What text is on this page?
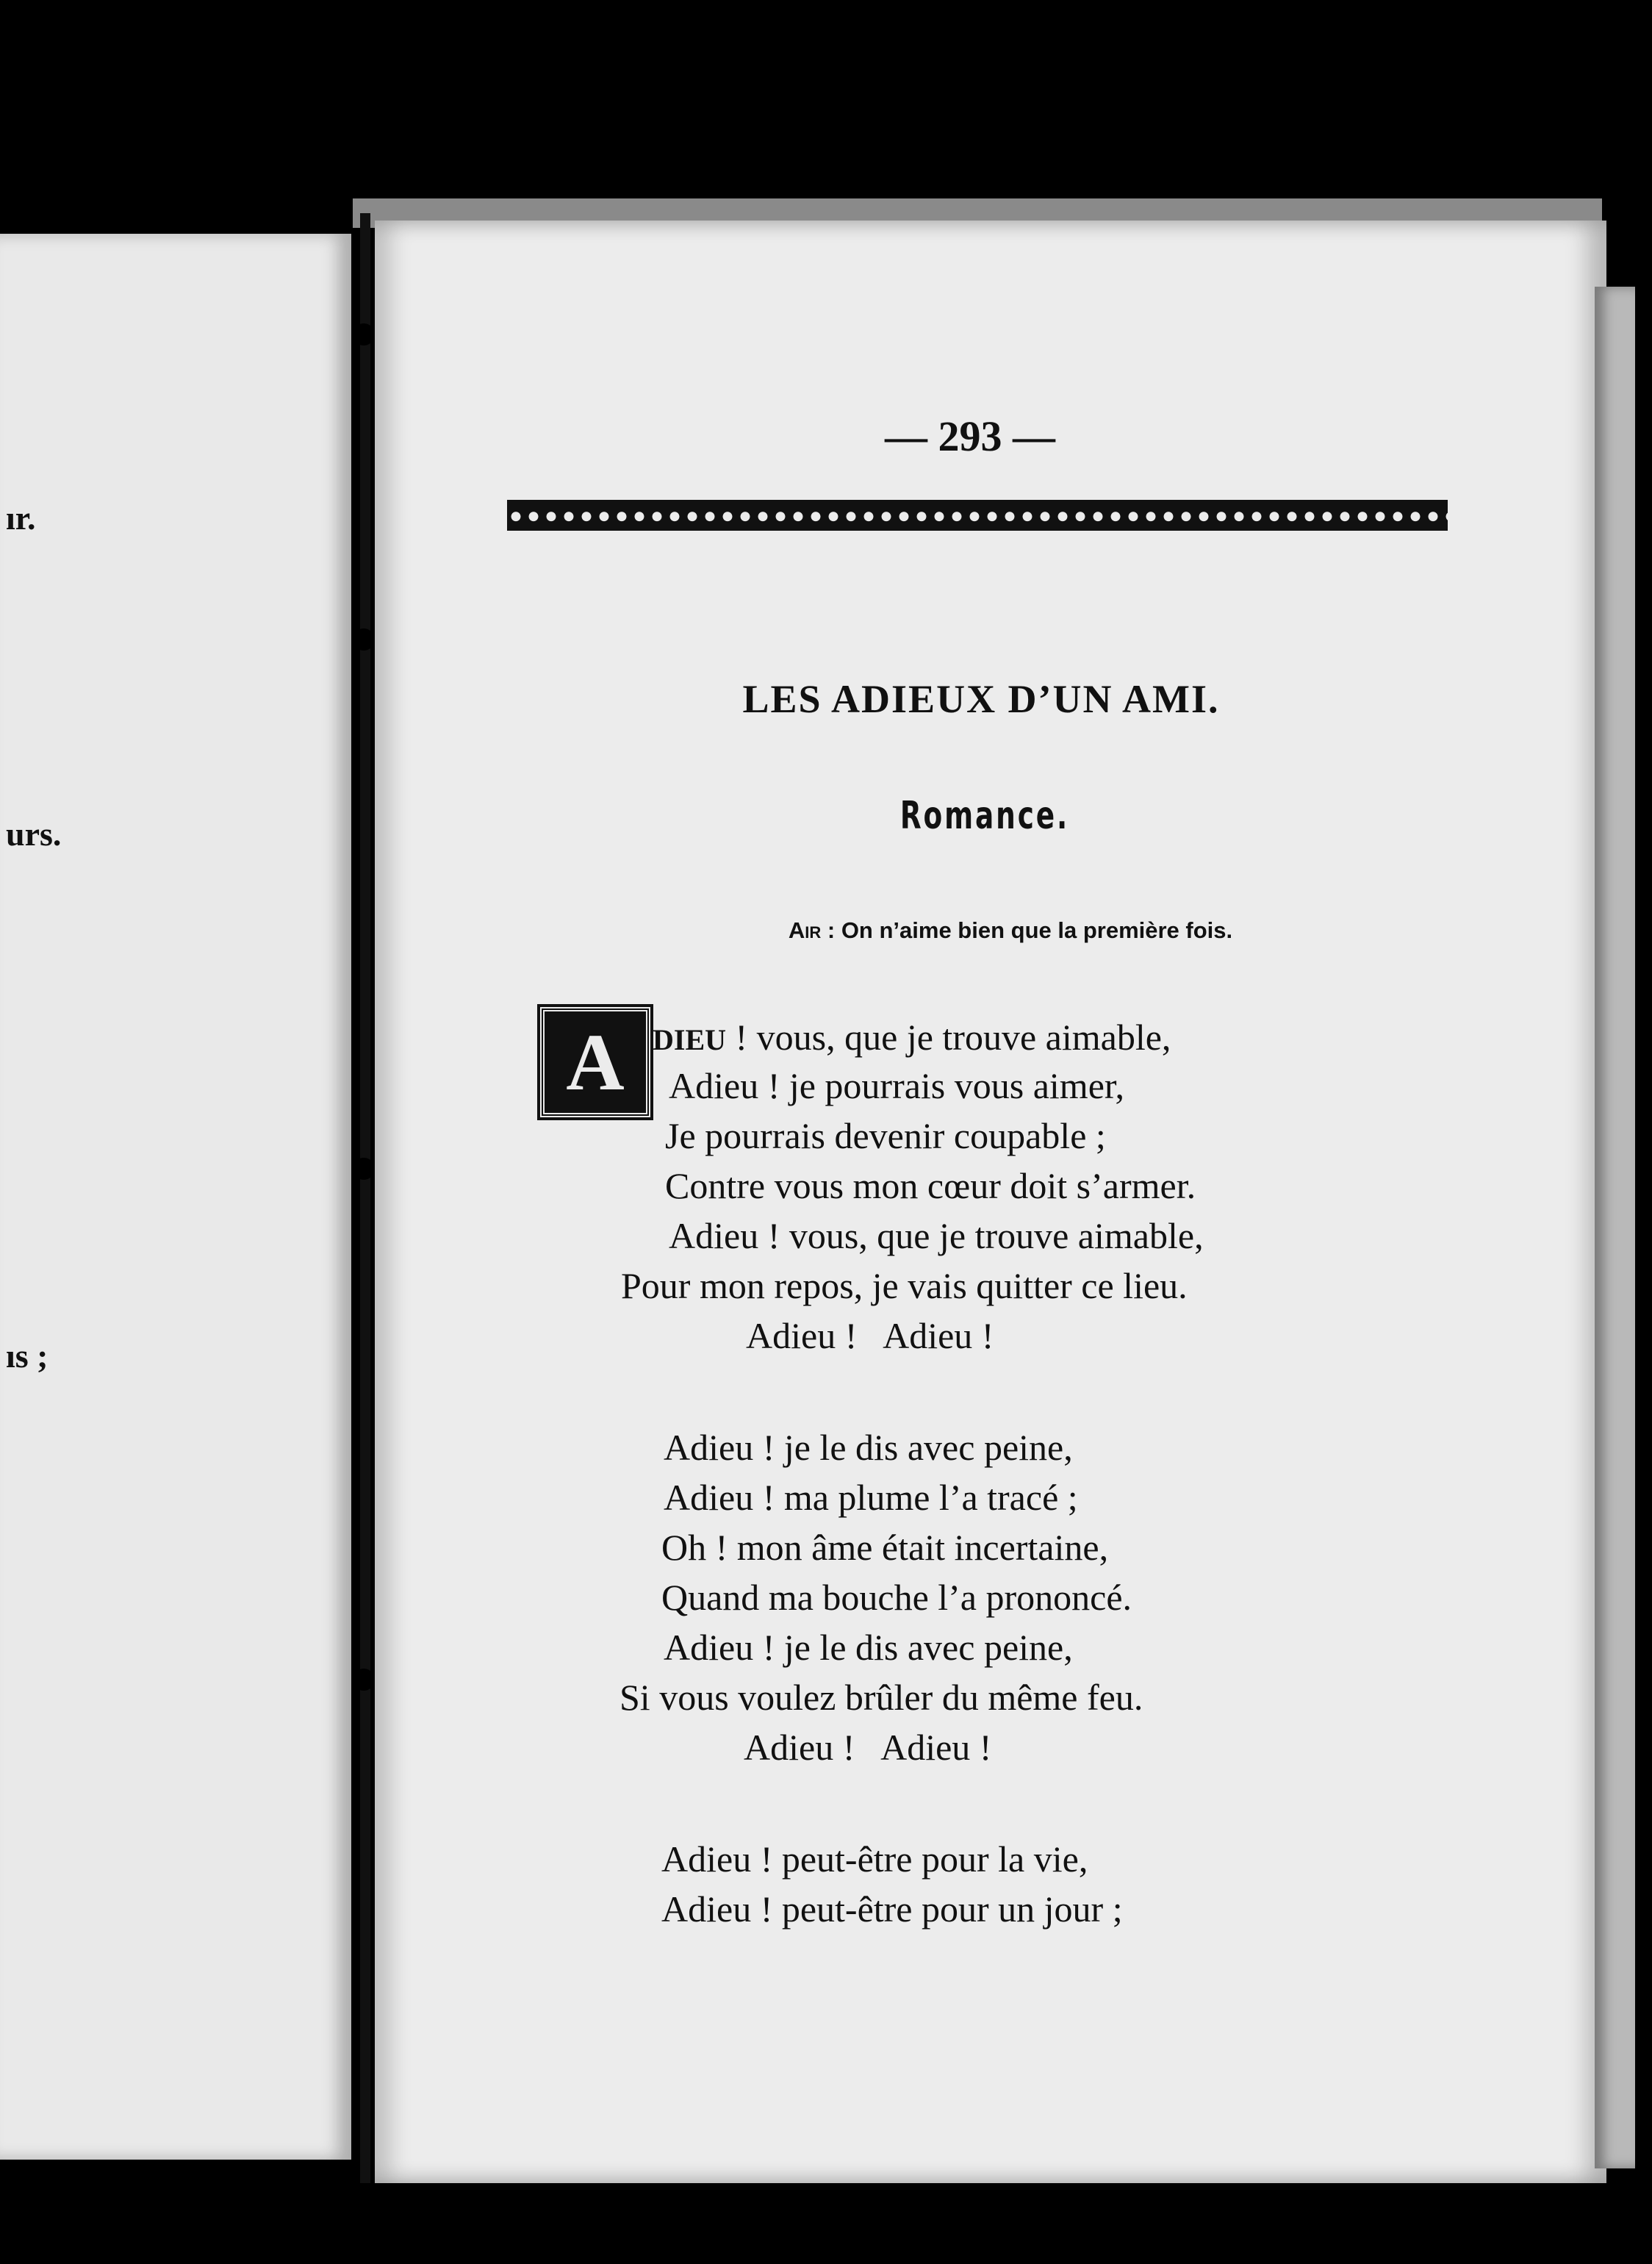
ır.
urs.
ıs ;
— 293 —
LES ADIEUX D’UN AMI.
Romance.
Air : On n’aime bien que la première fois.
A DIEU ! vous, que je trouve aimable,
Adieu ! je pourrais vous aimer,
Je pourrais devenir coupable ;
Contre vous mon cœur doit s’armer.
Adieu ! vous, que je trouve aimable,
Pour mon repos, je vais quitter ce lieu.
Adieu !   Adieu !
Adieu ! je le dis avec peine,
Adieu ! ma plume l’a tracé ;
Oh ! mon âme était incertaine,
Quand ma bouche l’a prononcé.
Adieu ! je le dis avec peine,
Si vous voulez brûler du même feu.
Adieu !   Adieu !
Adieu ! peut-être pour la vie,
Adieu ! peut-être pour un jour ;
